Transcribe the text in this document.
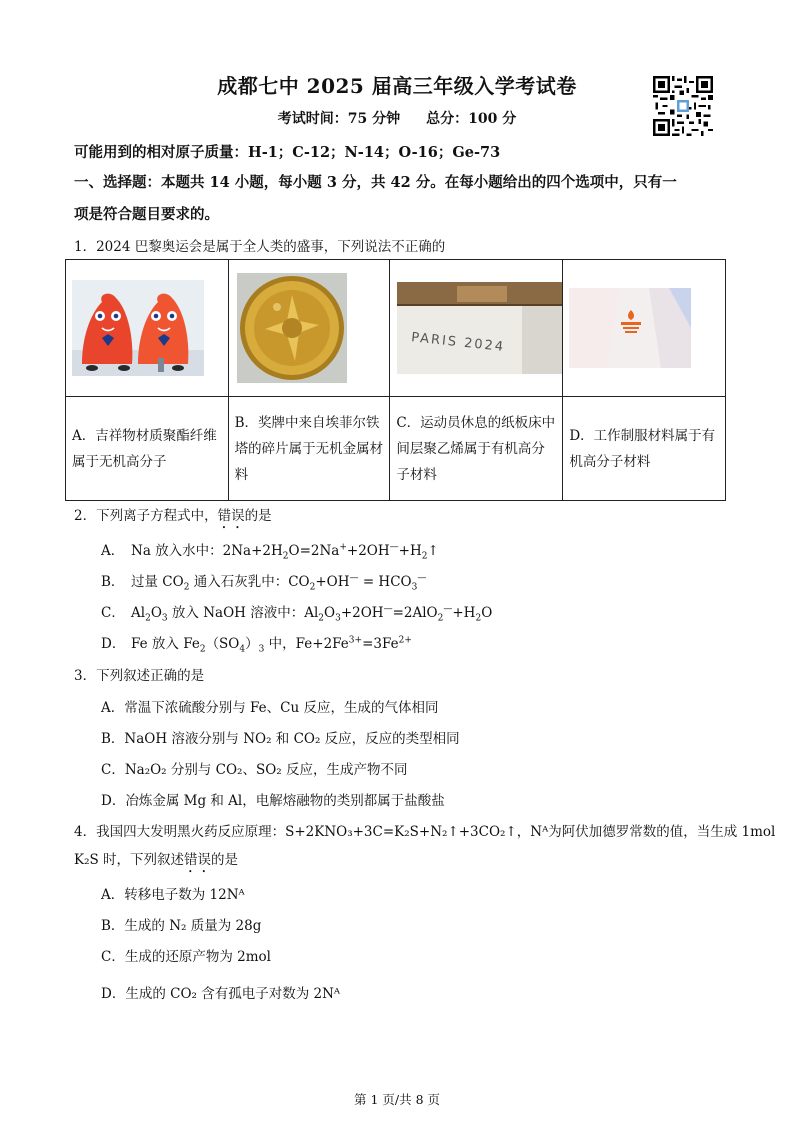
成都七中 2025 届高三年级入学考试卷
考试时间：75 分钟 总分：100 分
可能用到的相对原子质量：H-1；C-12；N-14；O-16；Ge-73
一、选择题：本题共 14 小题，每小题 3 分，共 42 分。在每小题给出的四个选项中，只有一
项是符合题目要求的。
1．2024 巴黎奥运会是属于全人类的盛事，下列说法不正确的

PARIS 2024

A．吉祥物材质聚酯纤维属于无机高分子	B．奖牌中来自埃菲尔铁塔的碎片属于无机金属材料	C．运动员休息的纸板床中间层聚乙烯属于有机高分子材料	D．工作制服材料属于有机高分子材料
2．下列离子方程式中，错误的是
A． Na 放入水中：$2Na+2H_2O=2Na^++2OH^—+H_2↑$
B． 过量 $CO_2$ 通入石灰乳中：$CO_2+OH^— = HCO_3^—$
C． $Al_2O_3$ 放入 NaOH 溶液中：$Al_2O_3+2OH^—=2AlO_2^—+H_2O$
D． Fe 放入 $Fe_2(SO_4)_3$ 中，$Fe+2Fe^{3+}=3Fe^{2+}$
3．下列叙述正确的是
A．常温下浓硫酸分别与 Fe、Cu 反应，生成的气体相同
B．NaOH 溶液分别与 NO₂ 和 CO₂ 反应，反应的类型相同
C．Na₂O₂ 分别与 CO₂、SO₂ 反应，生成产物不同
D．冶炼金属 Mg 和 Al，电解熔融物的类别都属于盐酸盐
4．我国四大发明黑火药反应原理：S+2KNO₃+3C=K₂S+N₂↑+3CO₂↑，Nᴬ为阿伏加德罗常数的值，当生成 1mol
K₂S 时，下列叙述错误的是
A．转移电子数为 12Nᴬ
B．生成的 N₂ 质量为 28g
C．生成的还原产物为 2mol
D．生成的 CO₂ 含有孤电子对数为 2Nᴬ
第 1 页/共 8 页
